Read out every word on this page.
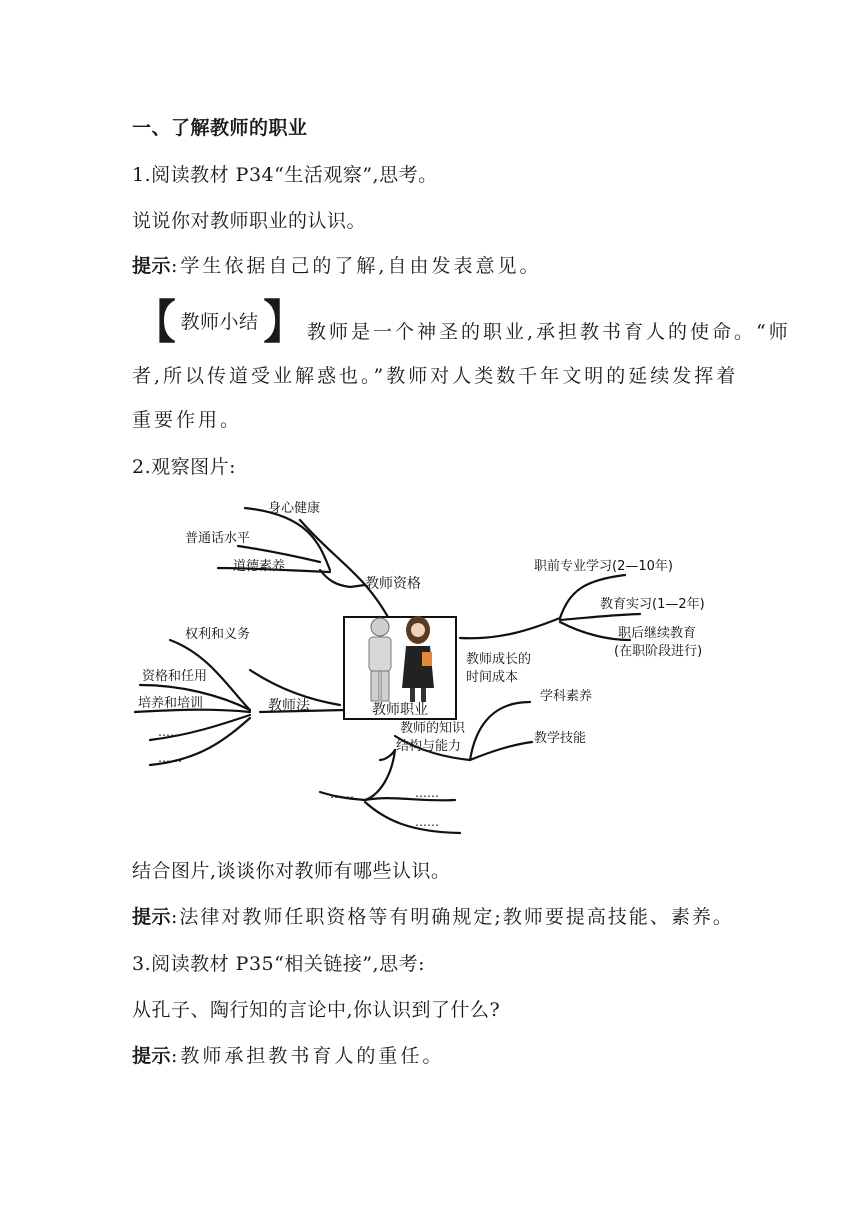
一、了解教师的职业
1.阅读教材 P34“生活观察”,思考。
说说你对教师职业的认识。
提示:学生依据自己的了解,自由发表意见。
【 教师小结 】 教师是一个神圣的职业,承担教书育人的使命。“师
者,所以传道受业解惑也。”教师对人类数千年文明的延续发挥着
重要作用。
2.观察图片:
教师职业
教师资格
身心健康
普通话水平
道德素养
教师法
权利和义务
资格和任用
培养和培训
……
……
教师成长的
时间成本
职前专业学习(2—10年)
教育实习(1—2年)
职后继续教育
(在职阶段进行)
教师的知识
结构与能力
学科素养
教学技能
……	……
……
结合图片,谈谈你对教师有哪些认识。
提示:法律对教师任职资格等有明确规定;教师要提高技能、素养。
3.阅读教材 P35“相关链接”,思考:
从孔子、陶行知的言论中,你认识到了什么?
提示:教师承担教书育人的重任。
